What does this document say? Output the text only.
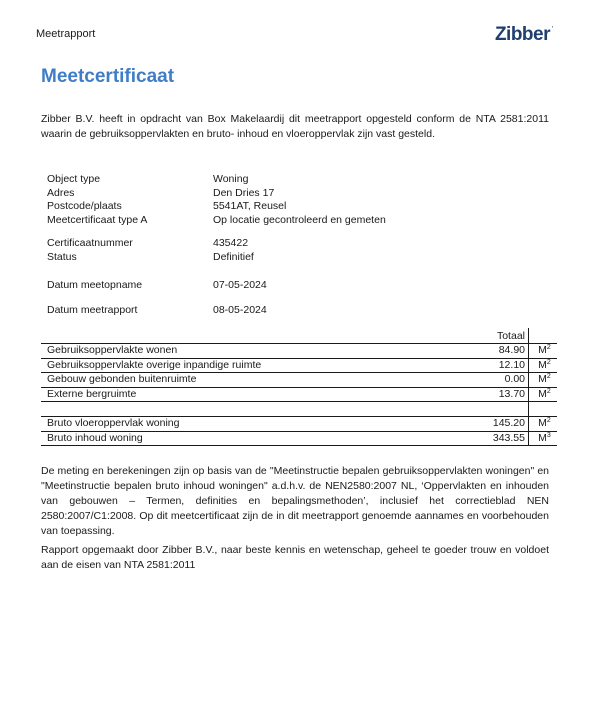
Meetrapport	Zibber '
Meetcertificaat
Zibber B.V. heeft in opdracht van Box Makelaardij dit meetrapport opgesteld conform de NTA 2581:2011 waarin de gebruiksoppervlakten en bruto- inhoud en vloeroppervlak zijn vast gesteld.
Object type	Woning
Adres	Den Dries 17
Postcode/plaats	5541AT, Reusel
Meetcertificaat type A	Op locatie gecontroleerd en gemeten
Certificaatnummer	435422
Status	Definitief
Datum meetopname	07-05-2024
Datum meetrapport	08-05-2024
Totaal
Gebruiksoppervlakte wonen	84.90	$M^2$
Gebruiksoppervlakte overige inpandige ruimte	12.10	$M^2$
Gebouw gebonden buitenruimte	0.00	$M^2$
Externe bergruimte	13.70	$M^2$
Bruto vloeroppervlak woning	145.20	$M^2$
Bruto inhoud woning	343.55	$M^3$
De meting en berekeningen zijn op basis van de "Meetinstructie bepalen gebruiksoppervlakten woningen" en "Meetinstructie bepalen bruto inhoud woningen" a.d.h.v. de NEN2580:2007 NL, ‘Oppervlakten en inhouden van gebouwen – Termen, definities en bepalingsmethoden’, inclusief het correctieblad NEN 2580:2007/C1:2008. Op dit meetcertificaat zijn de in dit meetrapport genoemde aannames en voorbehouden van toepassing.
Rapport opgemaakt door Zibber B.V., naar beste kennis en wetenschap, geheel te goeder trouw en voldoet aan de eisen van NTA 2581:2011
